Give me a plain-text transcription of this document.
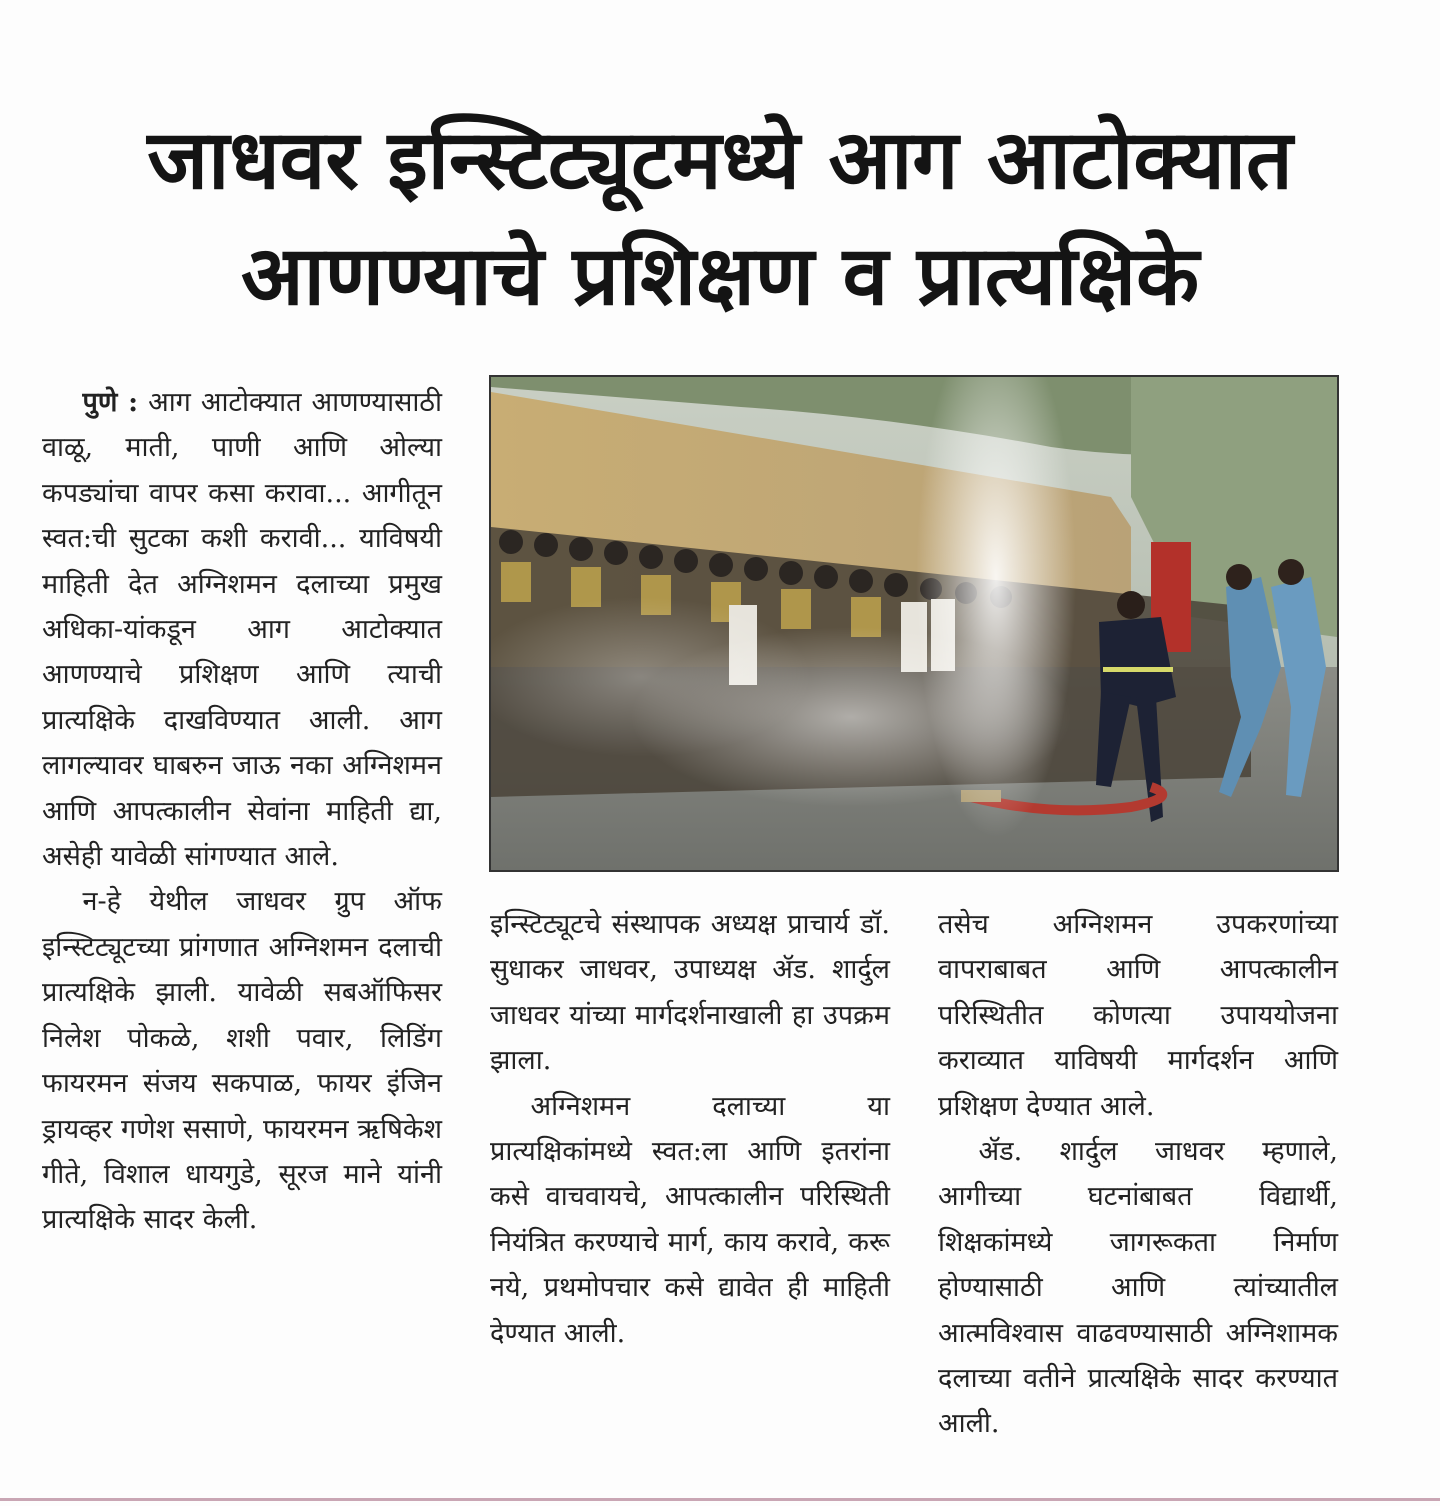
जाधवर इन्स्टिट्यूटमध्ये आग आटोक्यात
आणण्याचे प्रशिक्षण व प्रात्यक्षिके

पुणे : आग आटोक्यात आणण्यासाठी वाळू, माती, पाणी आणि ओल्या कपड्यांचा वापर कसा करावा... आगीतून स्वत:ची सुटका कशी करावी... याविषयी माहिती देत अग्निशमन दलाच्या प्रमुख अधिका-यांकडून आग आटोक्यात आणण्याचे प्रशिक्षण आणि त्याची प्रात्यक्षिके दाखविण्यात आली. आग लागल्यावर घाबरुन जाऊ नका अग्निशमन आणि आपत्कालीन सेवांना माहिती द्या, असेही यावेळी सांगण्यात आले.

न-हे येथील जाधवर ग्रुप ऑफ इन्स्टिट्यूटच्या प्रांगणात अग्निशमन दलाची प्रात्यक्षिके झाली. यावेळी सबऑफिसर निलेश पोकळे, शशी पवार, लिडिंग फायरमन संजय सकपाळ, फायर इंजिन ड्रायव्हर गणेश ससाणे, फायरमन ऋषिकेश गीते, विशाल धायगुडे, सूरज माने यांनी प्रात्यक्षिके सादर केली.

इन्स्टिट्यूटचे संस्थापक अध्यक्ष प्राचार्य डॉ. सुधाकर जाधवर, उपाध्यक्ष ॲड. शार्दुल जाधवर यांच्या मार्गदर्शनाखाली हा उपक्रम झाला.

अग्निशमन दलाच्या या प्रात्यक्षिकांमध्ये स्वत:ला आणि इतरांना कसे वाचवायचे, आपत्कालीन परिस्थिती नियंत्रित करण्याचे मार्ग, काय करावे, करू नये, प्रथमोपचार कसे द्यावेत ही माहिती देण्यात आली.

तसेच अग्निशमन उपकरणांच्या वापराबाबत आणि आपत्कालीन परिस्थितीत कोणत्या उपाययोजना कराव्यात याविषयी मार्गदर्शन आणि प्रशिक्षण देण्यात आले.

ॲड. शार्दुल जाधवर म्हणाले, आगीच्या घटनांबाबत विद्यार्थी, शिक्षकांमध्ये जागरूकता निर्माण होण्यासाठी आणि त्यांच्यातील आत्मविश्वास वाढवण्यासाठी अग्निशामक दलाच्या वतीने प्रात्यक्षिके सादर करण्यात आली.
